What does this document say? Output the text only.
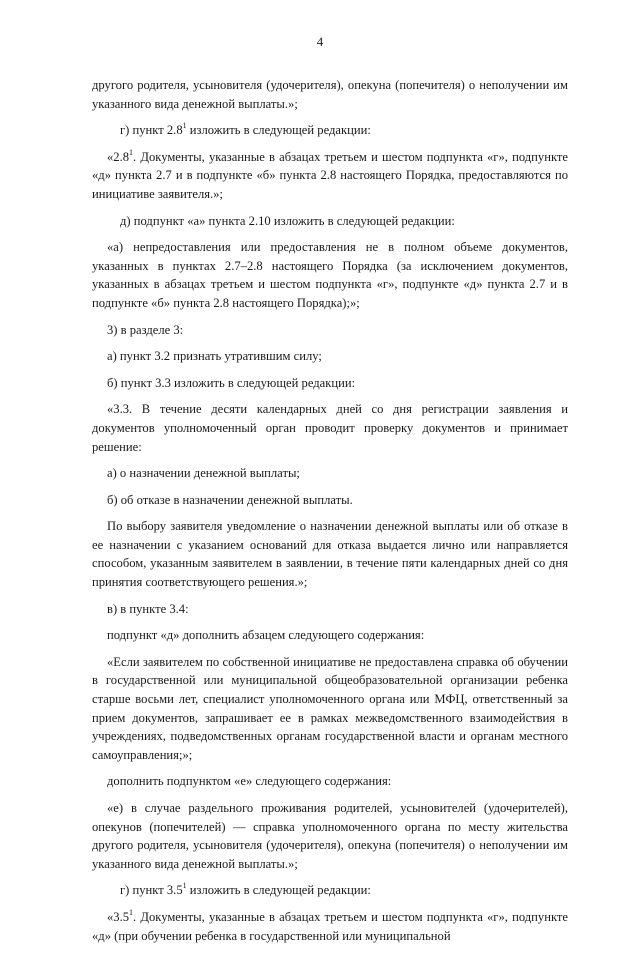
4

другого родителя, усыновителя (удочерителя), опекуна (попечителя) о неполучении им указанного вида денежной выплаты.»;

г) пункт $2.8^1$ изложить в следующей редакции:

«$2.8^1$. Документы, указанные в абзацах третьем и шестом подпункта «г», подпункте «д» пункта 2.7 и в подпункте «б» пункта 2.8 настоящего Порядка, предоставляются по инициативе заявителя.»;

д) подпункт «а» пункта 2.10 изложить в следующей редакции:

«а) непредоставления или предоставления не в полном объеме документов, указанных в пунктах 2.7–2.8 настоящего Порядка (за исключением документов, указанных в абзацах третьем и шестом подпункта «г», подпункте «д» пункта 2.7 и в подпункте «б» пункта 2.8 настоящего Порядка);»;

3) в разделе 3:

а) пункт 3.2 признать утратившим силу;

б) пункт 3.3 изложить в следующей редакции:

«3.3. В течение десяти календарных дней со дня регистрации заявления и документов уполномоченный орган проводит проверку документов и принимает решение:

а) о назначении денежной выплаты;

б) об отказе в назначении денежной выплаты.

По выбору заявителя уведомление о назначении денежной выплаты или об отказе в ее назначении с указанием оснований для отказа выдается лично или направляется способом, указанным заявителем в заявлении, в течение пяти календарных дней со дня принятия соответствующего решения.»;

в) в пункте 3.4:

подпункт «д» дополнить абзацем следующего содержания:

«Если заявителем по собственной инициативе не предоставлена справка об обучении в государственной или муниципальной общеобразовательной организации ребенка старше восьми лет, специалист уполномоченного органа или МФЦ, ответственный за прием документов, запрашивает ее в рамках межведомственного взаимодействия в учреждениях, подведомственных органам государственной власти и органам местного самоуправления;»;

дополнить подпунктом «е» следующего содержания:

«е) в случае раздельного проживания родителей, усыновителей (удочерителей), опекунов (попечителей) — справка уполномоченного органа по месту жительства другого родителя, усыновителя (удочерителя), опекуна (попечителя) о неполучении им указанного вида денежной выплаты.»;

г) пункт $3.5^1$ изложить в следующей редакции:

«$3.5^1$. Документы, указанные в абзацах третьем и шестом подпункта «г», подпункте «д» (при обучении ребенка в государственной или муниципальной
